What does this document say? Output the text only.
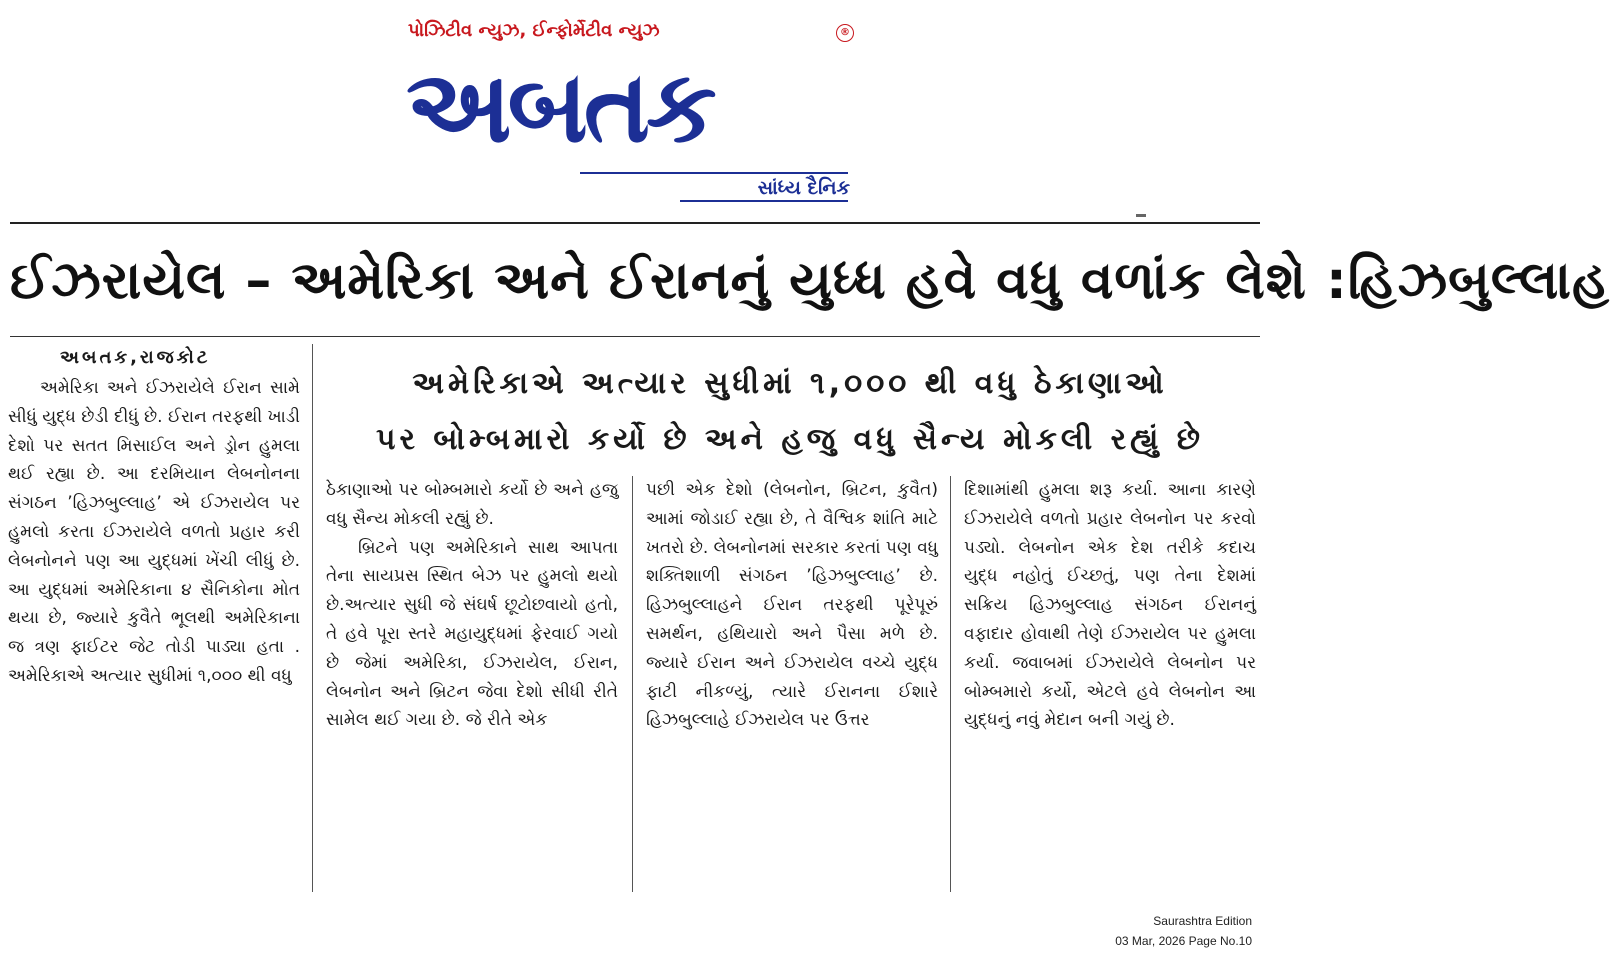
પોઝિટીવ ન્યુઝ, ઈન્ફોર્મેટીવ ન્યુઝ	®
અબતક
સાંધ્ય દૈનિક
ઈઝરાયેલ – અમેરિકા અને ઈરાનનું યુધ્ધ હવે વધુ વળાંક લેશે :હિઝબુલ્લાહ
અબતક,રાજકોટ
અમેરિકાએ અત્યાર સુધીમાં ૧,૦૦૦ થી વધુ ઠેકાણાઓ
પર બોમ્બમારો કર્યો છે અને હજુ વધુ સૈન્ય મોકલી રહ્યું છે

અમેરિકા અને ઈઝરાયેલે ઈરાન સામે સીધું યુદ્ધ છેડી દીધું છે. ઈરાન તરફથી ખાડી દેશો પર સતત મિસાઈલ અને ડ્રોન હુમલા થઈ રહ્યા છે. આ દરમિયાન લેબનોનના સંગઠન ’હિઝબુલ્લાહ’ એ ઈઝરાયેલ પર હુમલો કરતા ઈઝરાયેલે વળતો પ્રહાર કરી લેબનોનને પણ આ યુદ્ધમાં ખેંચી લીધું છે. આ યુદ્ધમાં અમેરિકાના ૪ સૈનિકોના મોત થયા છે, જ્યારે કુવૈતે ભૂલથી અમેરિકાના જ ત્રણ ફાઈટર જેટ તોડી પાડ્યા હતા . અમેરિકાએ અત્યાર સુધીમાં ૧,૦૦૦ થી વધુ

ઠેકાણાઓ પર બોમ્બમારો કર્યો છે અને હજુ વધુ સૈન્ય મોકલી રહ્યું છે.

બ્રિટને પણ અમેરિકાને સાથ આપતા તેના સાયપ્રસ સ્થિત બેઝ પર હુમલો થયો છે.અત્યાર સુધી જે સંઘર્ષ છૂટોછવાયો હતો, તે હવે પૂરા સ્તરે મહાયુદ્ધમાં ફેરવાઈ ગયો છે જેમાં અમેરિકા, ઈઝરાયેલ, ઈરાન, લેબનોન અને બ્રિટન જેવા દેશો સીધી રીતે સામેલ થઈ ગયા છે. જે રીતે એક

પછી એક દેશો (લેબનોન, બ્રિટન, કુવૈત) આમાં જોડાઈ રહ્યા છે, તે વૈશ્વિક શાંતિ માટે ખતરો છે. લેબનોનમાં સરકાર કરતાં પણ વધુ શક્તિશાળી સંગઠન ’હિઝબુલ્લાહ’ છે. હિઝબુલ્લાહને ઈરાન તરફથી પૂરેપૂરું સમર્થન, હથિયારો અને પૈસા મળે છે. જ્યારે ઈરાન અને ઈઝરાયેલ વચ્ચે યુદ્ધ ફાટી નીકળ્યું, ત્યારે ઈરાનના ઈશારે હિઝબુલ્લાહે ઈઝરાયેલ પર ઉત્તર

દિશામાંથી હુમલા શરૂ કર્યા. આના કારણે ઈઝરાયેલે વળતો પ્રહાર લેબનોન પર કરવો પડ્યો. લેબનોન એક દેશ તરીકે કદાચ યુદ્ધ નહોતું ઈચ્છતું, પણ તેના દેશમાં સક્રિય હિઝબુલ્લાહ સંગઠન ઈરાનનું વફાદાર હોવાથી તેણે ઈઝરાયેલ પર હુમલા કર્યા. જવાબમાં ઈઝરાયેલે લેબનોન પર બોમ્બમારો કર્યો, એટલે હવે લેબનોન આ યુદ્ધનું નવું મેદાન બની ગયું છે.

Saurashtra Edition
03 Mar, 2026 Page No.10
